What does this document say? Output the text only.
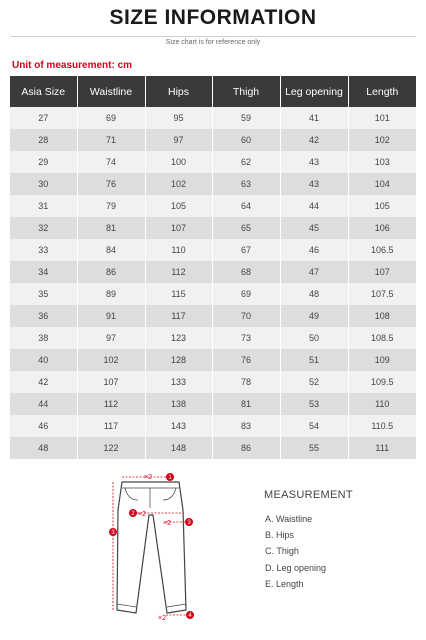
SIZE INFORMATION
Size chart is for reference only
Unit of measurement: cm
Asia Size	Waistline	Hips	Thigh	Leg opening	Length
27	69	95	59	41	101
28	71	97	60	42	102
29	74	100	62	43	103
30	76	102	63	43	104
31	79	105	64	44	105
32	81	107	65	45	106
33	84	110	67	46	106.5
34	86	112	68	47	107
35	89	115	69	48	107.5
36	91	117	70	49	108
38	97	123	73	50	108.5
40	102	128	76	51	109
42	107	133	78	52	109.5
44	112	138	81	53	110
46	117	143	83	54	110.5
48	122	148	86	55	111
×2
×2
×2
×2
1
2
3
3
4
MEASUREMENT
A. Waistline
B. Hips
C. Thigh
D. Leg opening
E. Length
